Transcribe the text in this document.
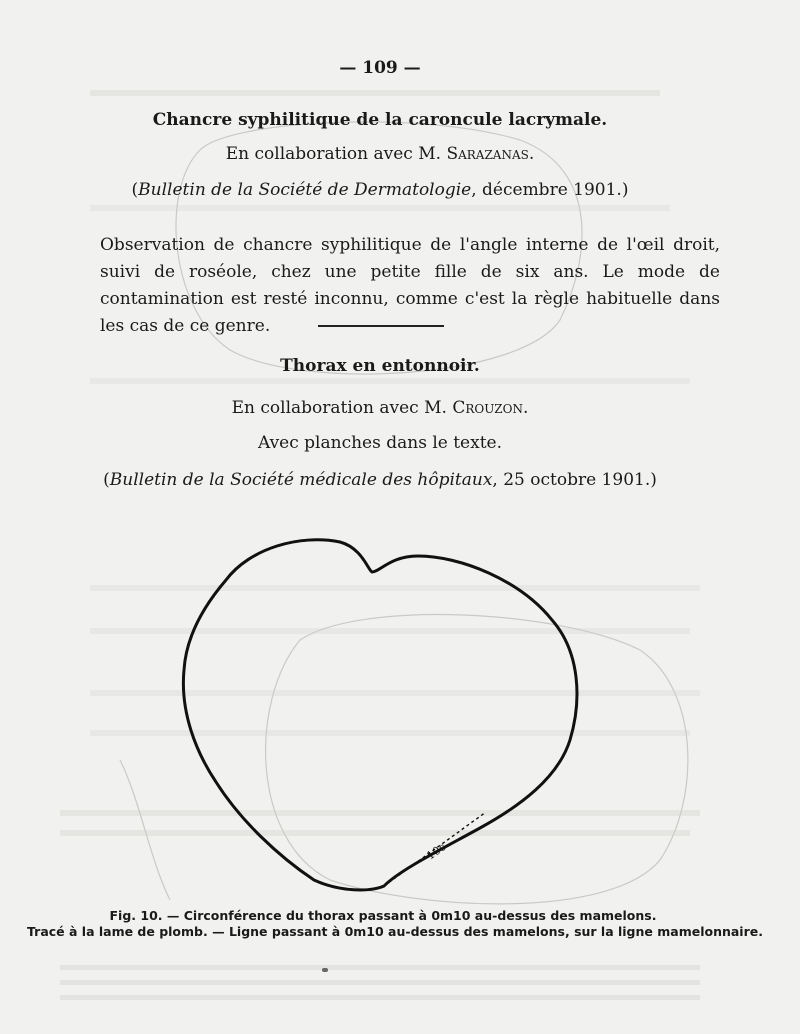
— 109 —
Chancre syphilitique de la caroncule lacrymale.
En collaboration avec M. Sarazanas.
(Bulletin de la Société de Dermatologie, décembre 1901.)
Observation de chancre syphilitique de l'angle interne de l'œil droit, suivi de roséole, chez une petite fille de six ans. Le mode de contamination est resté inconnu, comme c'est la règle habituelle dans les cas de ce genre.
Thorax en entonnoir.
En collaboration avec M. Crouzon.
Avec planches dans le texte.
(Bulletin de la Société médicale des hôpitaux, 25 octobre 1901.)
10c
Fig. 10. — Circonférence du thorax passant à 0m10 au-dessus des mamelons.
Tracé à la lame de plomb. — Ligne passant à 0m10 au-dessus des mamelons, sur la ligne mamelonnaire.
